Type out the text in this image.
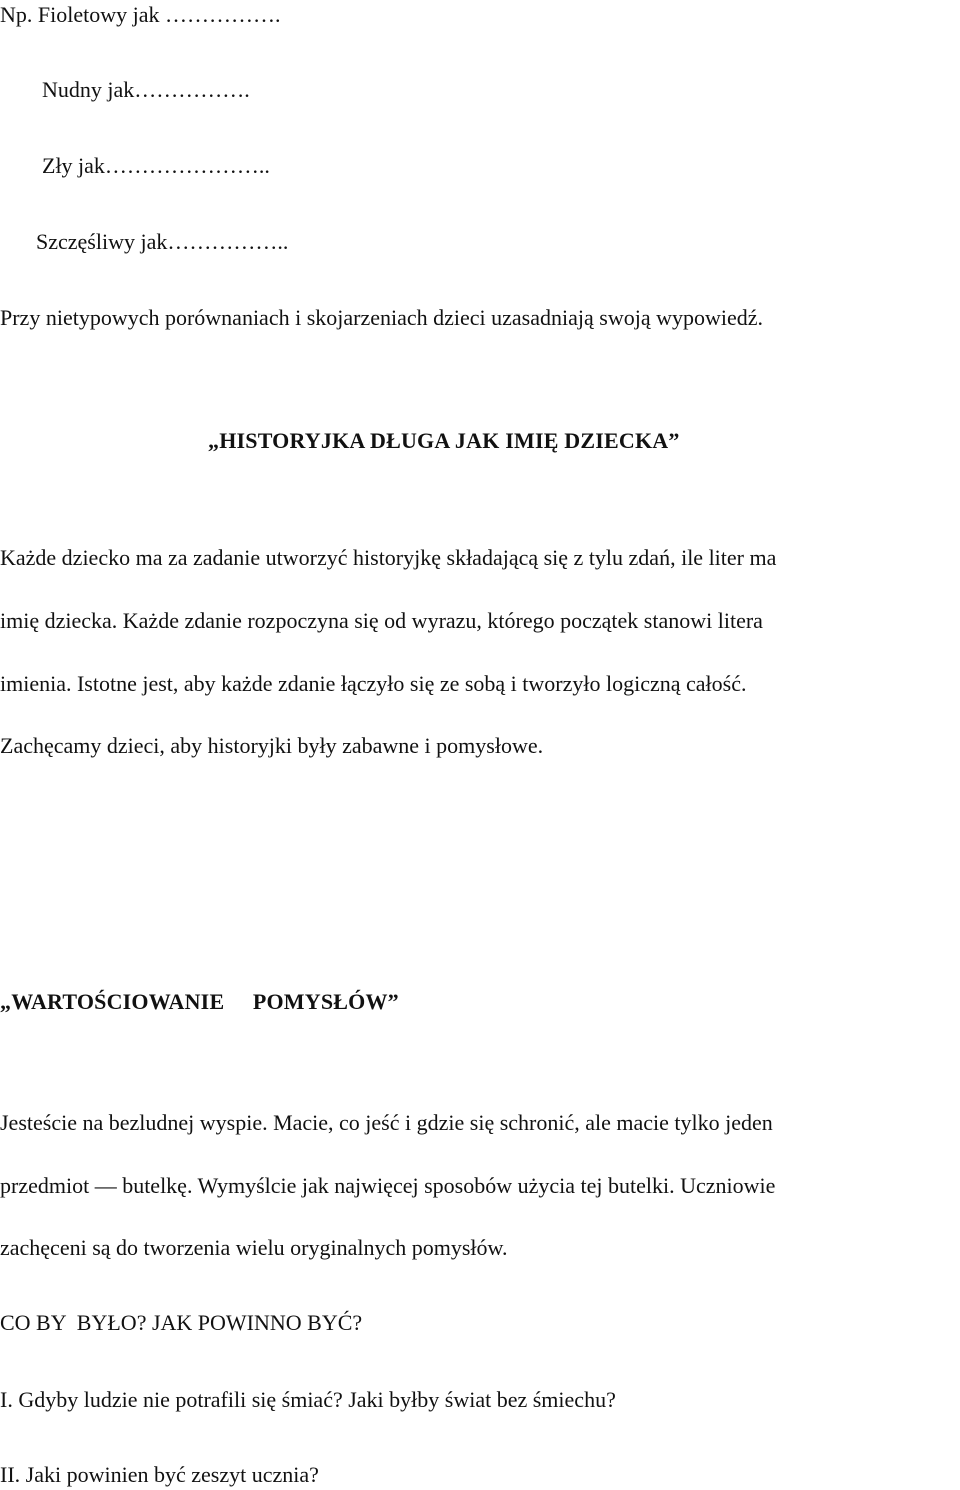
Np. Fioletowy jak …………….

Nudny jak…………….

Zły jak…………………..

Szczęśliwy jak……………..

Przy nietypowych porównaniach i skojarzeniach dzieci uzasadniają swoją wypowiedź.

„HISTORYJKA DŁUGA JAK IMIĘ DZIECKA”

Każde dziecko ma za zadanie utworzyć historyjkę składającą się z tylu zdań, ile liter ma

imię dziecka. Każde zdanie rozpoczyna się od wyrazu, którego początek stanowi litera

imienia. Istotne jest, aby każde zdanie łączyło się ze sobą i tworzyło logiczną całość.

Zachęcamy dzieci, aby historyjki były zabawne i pomysłowe.

„WARTOŚCIOWANIE     POMYSŁÓW”

Jesteście na bezludnej wyspie. Macie, co jeść i gdzie się schronić, ale macie tylko jeden

przedmiot — butelkę. Wymyślcie jak najwięcej sposobów użycia tej butelki. Uczniowie

zachęceni są do tworzenia wielu oryginalnych pomysłów.

CO BY  BYŁO? JAK POWINNO BYĆ?

I. Gdyby ludzie nie potrafili się śmiać? Jaki byłby świat bez śmiechu?

II. Jaki powinien być zeszyt ucznia?
